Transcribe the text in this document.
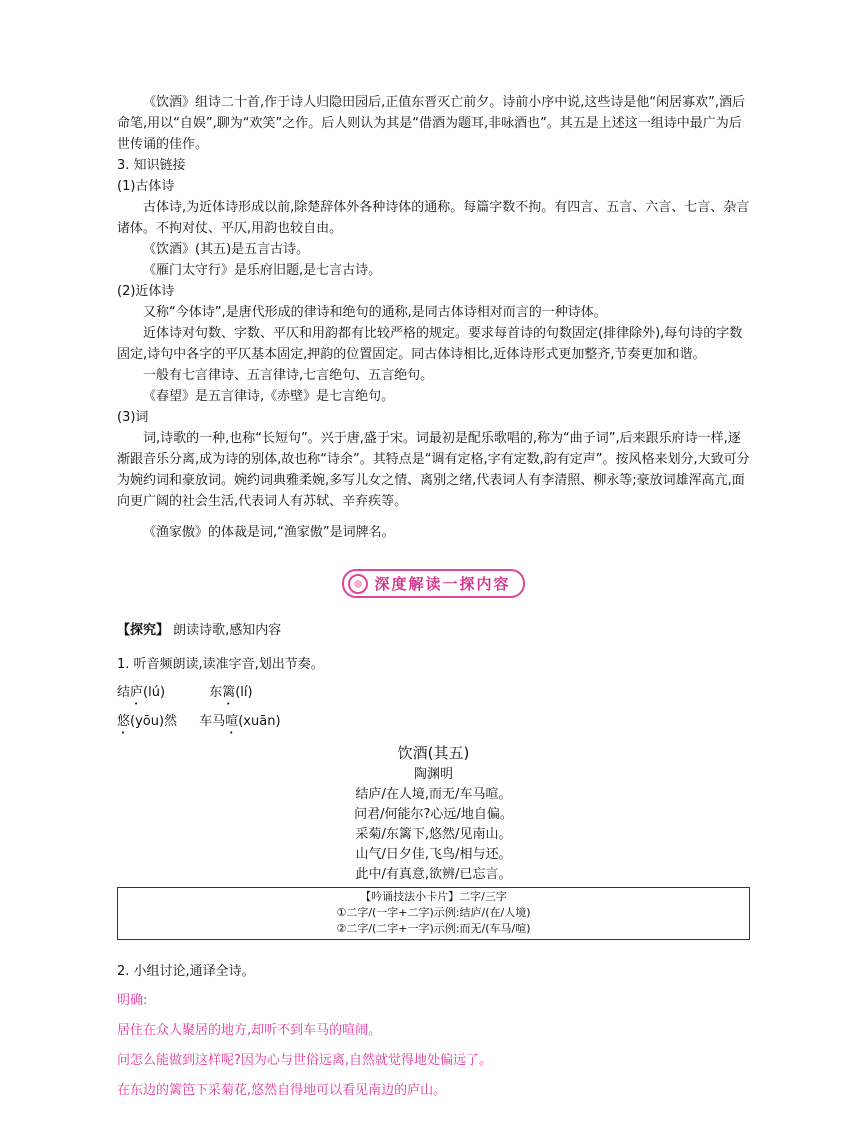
《饮酒》组诗二十首,作于诗人归隐田园后,正值东晋灭亡前夕。诗前小序中说,这些诗是他“闲居寡欢”,酒后命笔,用以“自娱”,聊为“欢笑”之作。后人则认为其是“借酒为题耳,非咏酒也”。其五是上述这一组诗中最广为后世传诵的佳作。

3. 知识链接

(1)古体诗

古体诗,为近体诗形成以前,除楚辞体外各种诗体的通称。每篇字数不拘。有四言、五言、六言、七言、杂言诸体。不拘对仗、平仄,用韵也较自由。

《饮酒》(其五)是五言古诗。

《雁门太守行》是乐府旧题,是七言古诗。

(2)近体诗

又称“今体诗”,是唐代形成的律诗和绝句的通称,是同古体诗相对而言的一种诗体。

近体诗对句数、字数、平仄和用韵都有比较严格的规定。要求每首诗的句数固定(排律除外),每句诗的字数固定,诗句中各字的平仄基本固定,押韵的位置固定。同古体诗相比,近体诗形式更加整齐,节奏更加和谐。

一般有七言律诗、五言律诗,七言绝句、五言绝句。

《春望》是五言律诗,《赤壁》是七言绝句。

(3)词

词,诗歌的一种,也称“长短句”。兴于唐,盛于宋。词最初是配乐歌唱的,称为“曲子词”,后来跟乐府诗一样,逐渐跟音乐分离,成为诗的别体,故也称“诗余”。其特点是“调有定格,字有定数,韵有定声”。按风格来划分,大致可分为婉约词和豪放词。婉约词典雅柔婉,多写儿女之情、离别之绪,代表词人有李清照、柳永等;豪放词雄浑高亢,面向更广阔的社会生活,代表词人有苏轼、辛弃疾等。

《渔家傲》的体裁是词,“渔家傲”是词牌名。

深度解读一探内容

【探究】 朗读诗歌,感知内容

1. 听音频朗读,读准字音,划出节奏。

结庐(lú)	东篱(lí)

悠(yōu)然 车马喧(xuān)

饮酒(其五)
陶渊明
结庐/在人境,而无/车马喧。
问君/何能尔?心远/地自偏。
采菊/东篱下,悠然/见南山。
山气/日夕佳,飞鸟/相与还。
此中/有真意,欲辨/已忘言。
【吟诵技法小卡片】二字/三字
①二字/(一字+二字)示例:结庐/(在/人境)
②二字/(二字+一字)示例:而无/(车马/喧)

2. 小组讨论,通译全诗。

明确:

居住在众人聚居的地方,却听不到车马的喧闹。

问怎么能做到这样呢?因为心与世俗远离,自然就觉得地处偏远了。

在东边的篱笆下采菊花,悠然自得地可以看见南边的庐山。
